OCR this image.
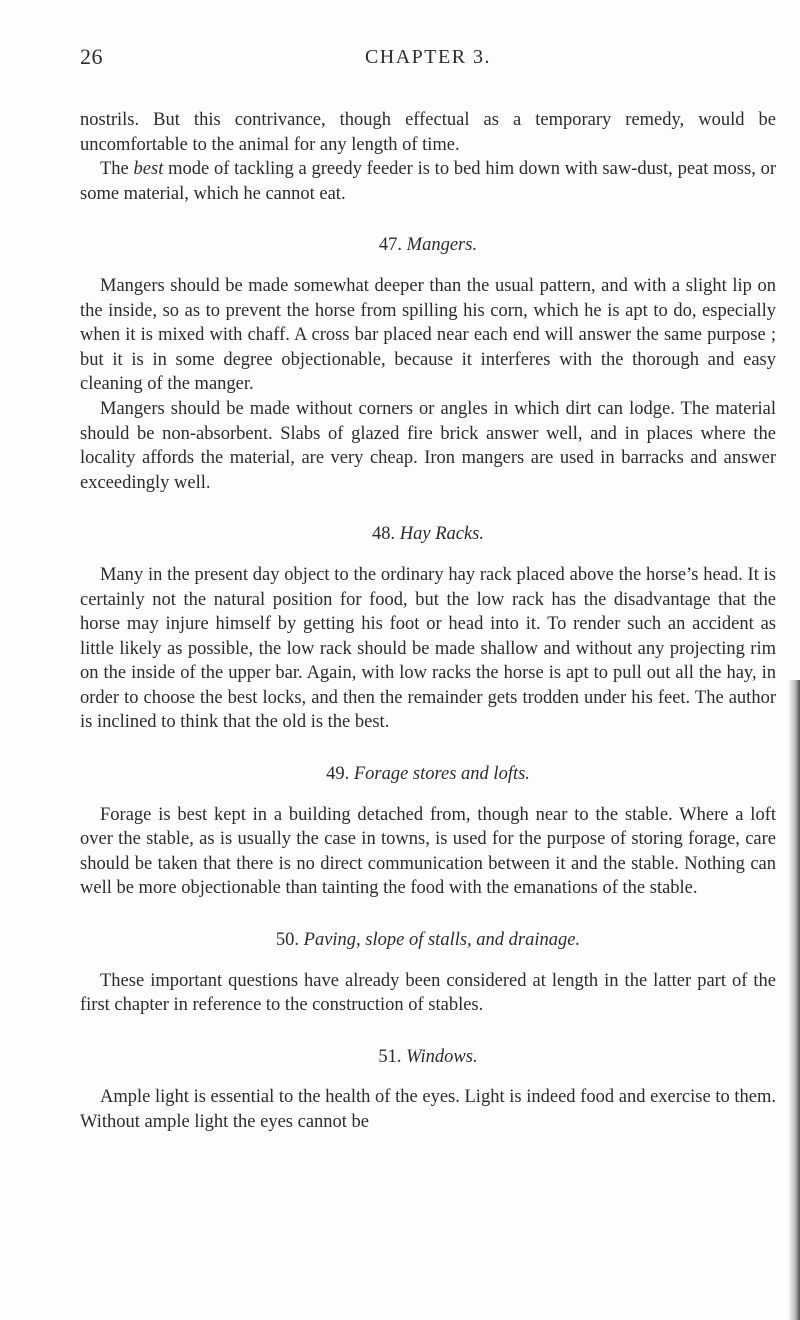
26	CHAPTER 3.

nostrils. But this contrivance, though effectual as a temporary remedy, would be uncomfortable to the animal for any length of time.

The best mode of tackling a greedy feeder is to bed him down with saw-dust, peat moss, or some material, which he cannot eat.

47. Mangers.

Mangers should be made somewhat deeper than the usual pattern, and with a slight lip on the inside, so as to prevent the horse from spilling his corn, which he is apt to do, especially when it is mixed with chaff. A cross bar placed near each end will answer the same purpose ; but it is in some degree objectionable, because it interferes with the thorough and easy cleaning of the manger.

Mangers should be made without corners or angles in which dirt can lodge. The material should be non-absorbent. Slabs of glazed fire brick answer well, and in places where the locality affords the material, are very cheap. Iron mangers are used in barracks and answer exceedingly well.

48. Hay Racks.

Many in the present day object to the ordinary hay rack placed above the horse’s head. It is certainly not the natural position for food, but the low rack has the disadvantage that the horse may injure himself by getting his foot or head into it. To render such an accident as little likely as possible, the low rack should be made shallow and without any projecting rim on the inside of the upper bar. Again, with low racks the horse is apt to pull out all the hay, in order to choose the best locks, and then the remainder gets trodden under his feet. The author is inclined to think that the old is the best.

49. Forage stores and lofts.

Forage is best kept in a building detached from, though near to the stable. Where a loft over the stable, as is usually the case in towns, is used for the purpose of storing forage, care should be taken that there is no direct communication between it and the stable. Nothing can well be more objectionable than tainting the food with the emanations of the stable.

50. Paving, slope of stalls, and drainage.

These important questions have already been considered at length in the latter part of the first chapter in reference to the construction of stables.

51. Windows.

Ample light is essential to the health of the eyes. Light is indeed food and exercise to them. Without ample light the eyes cannot be
